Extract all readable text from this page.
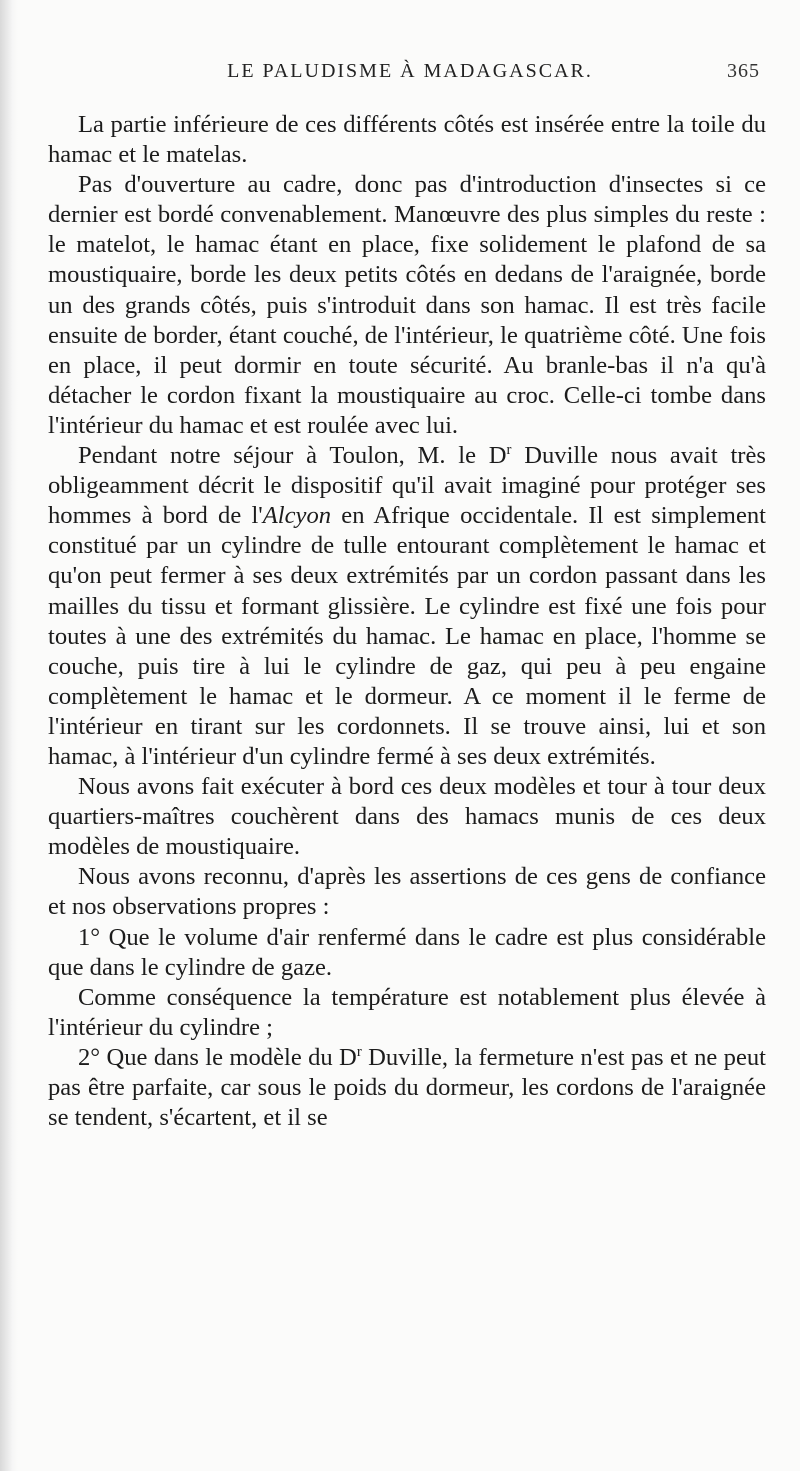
LE PALUDISME À MADAGASCAR.	365

La partie inférieure de ces différents côtés est insérée entre la toile du hamac et le matelas.

Pas d'ouverture au cadre, donc pas d'introduction d'insectes si ce dernier est bordé convenablement. Manœuvre des plus simples du reste : le matelot, le hamac étant en place, fixe solidement le plafond de sa moustiquaire, borde les deux petits côtés en dedans de l'araignée, borde un des grands côtés, puis s'introduit dans son hamac. Il est très facile ensuite de border, étant couché, de l'intérieur, le quatrième côté. Une fois en place, il peut dormir en toute sécurité. Au branle-bas il n'a qu'à détacher le cordon fixant la moustiquaire au croc. Celle-ci tombe dans l'intérieur du hamac et est roulée avec lui.

Pendant notre séjour à Toulon, M. le $D^r$ Duville nous avait très obligeamment décrit le dispositif qu'il avait imaginé pour protéger ses hommes à bord de l'Alcyon en Afrique occidentale. Il est simplement constitué par un cylindre de tulle entourant complètement le hamac et qu'on peut fermer à ses deux extrémités par un cordon passant dans les mailles du tissu et formant glissière. Le cylindre est fixé une fois pour toutes à une des extrémités du hamac. Le hamac en place, l'homme se couche, puis tire à lui le cylindre de gaz, qui peu à peu engaine complètement le hamac et le dormeur. A ce moment il le ferme de l'intérieur en tirant sur les cordonnets. Il se trouve ainsi, lui et son hamac, à l'intérieur d'un cylindre fermé à ses deux extrémités.

Nous avons fait exécuter à bord ces deux modèles et tour à tour deux quartiers-maîtres couchèrent dans des hamacs munis de ces deux modèles de moustiquaire.

Nous avons reconnu, d'après les assertions de ces gens de confiance et nos observations propres :

1° Que le volume d'air renfermé dans le cadre est plus considérable que dans le cylindre de gaze.

Comme conséquence la température est notablement plus élevée à l'intérieur du cylindre ;

2° Que dans le modèle du $D^r$ Duville, la fermeture n'est pas et ne peut pas être parfaite, car sous le poids du dormeur, les cordons de l'araignée se tendent, s'écartent, et il se
